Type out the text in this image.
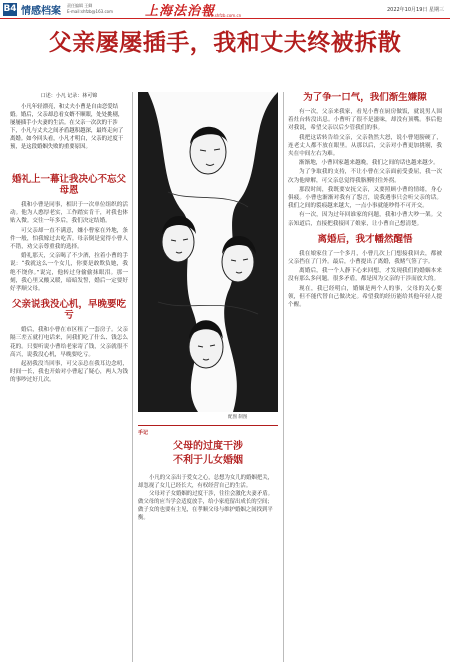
B4 情感档案 责任编辑 王卿
E-mail:shfzb@163.com 上海法治報
www.shfzb.com.cn
2022年10月19日 星期三
父亲屡屡插手，我和丈夫终被拆散
口述：小凡 记录：林可锦

小凡年轻漂亮，和丈夫小曹是自由恋爱结婚。婚后，父亲却总看女婿不顺眼，处处挑剔，屡屡插手小夫妻的生活。在父亲一次次的干涉下，小凡与丈夫之间矛盾越积越深，最终走向了离婚。如今回头看，小凡才明白，父亲的过度干预，是这段婚姻失败的重要原因。

婚礼上一幕让我决心不忘父母恩

我和小曹是同事，相识于一次单位组织的活动。他为人憨厚老实，工作踏实肯干，对我也体贴入微。交往一年多后，我们决定结婚。

可父亲却一直不满意，嫌小曹家在外地，条件一般，怕我嫁过去吃苦。母亲倒是觉得小曹人不错，劝父亲尊重我的选择。

婚礼那天，父亲喝了不少酒，拉着小曹的手说：“我就这么一个女儿，你要是敢欺负她，我绝不饶你。”说完，他转过身偷偷抹眼泪。那一刻，我心里又酸又暖，暗暗发誓，婚后一定要好好孝顺父母。

父亲说我没心机，早晚要吃亏

婚后，我和小曹在市区租了一套房子。父亲隔三差五就打电话来，问我们吃了什么、钱怎么花的。只要听说小曹给老家寄了钱，父亲就很不高兴，说我没心机，早晚要吃亏。

起初我没当回事，可父亲总在我耳边念叨，时间一长，我也开始对小曹起了疑心，两人为钱的事吵过好几次。

配图 制图
手记
父母的过度干涉
不利于儿女婚姻

小凡的父亲出于爱女之心，总想为女儿的婚姻把关，却忽视了女儿已经长大，有权经营自己的生活。

父母对子女婚姻的过度干涉，往往会激化夫妻矛盾。做父母的应当学会适度放手，给小家庭留出成长的空间；做子女的也要有主见，在孝顺父母与维护婚姻之间找到平衡。

为了争一口气，我们渐生嫌隙

有一次，父亲来我家，看见小曹在厨房做饭，就说男人围着灶台转没出息。小曹听了很不是滋味，却没有顶嘴。事后他对我说，希望父亲以后少管我们的事。

我把这话转告给父亲，父亲勃然大怒，说小曹翅膀硬了，连老丈人都不放在眼里。从那以后，父亲对小曹更加挑剔，我夹在中间左右为难。

渐渐地，小曹回家越来越晚，我们之间的话也越来越少。

为了争取我的支持，不让小曹在父亲面前受委屈，我一次次为他辩解，可父亲总觉得我胳膊肘往外拐。

那段时间，我既要安抚父亲，又要照顾小曹的情绪，身心俱疲。小曹也渐渐对我有了怨言，说我遇事只会听父亲的话。我们之间的裂痕越来越大，一点小事就能吵得不可开交。

有一次，因为过年回谁家的问题，我和小曹大吵一架。父亲知道后，直接把我接回了娘家，让小曹自己想清楚。

离婚后，我才幡然醒悟

我在娘家住了一个多月，小曹几次上门想接我回去，都被父亲挡在了门外。最后，小曹提出了离婚，我赌气签了字。

离婚后，我一个人静下心来回想，才发现我们的婚姻本来没有那么多问题。很多矛盾，都是因为父亲的干涉而放大的。

现在，我已经明白，婚姻是两个人的事，父母的关心要领，但不能代替自己做决定。希望我的经历能给其他年轻人提个醒。
